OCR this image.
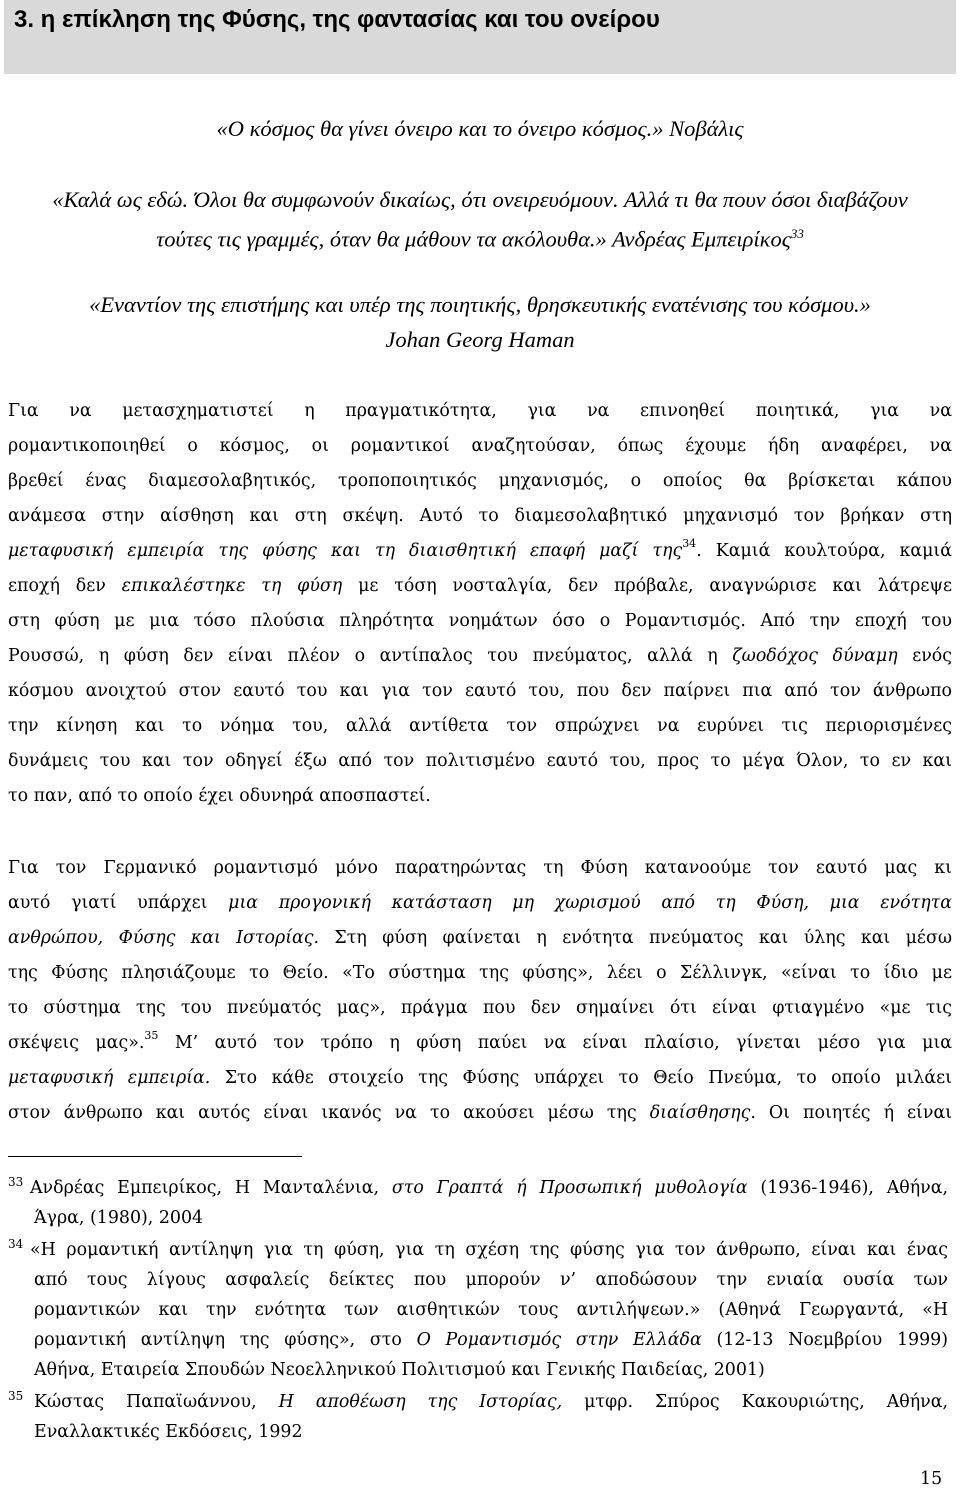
3. η επίκληση της Φύσης, της φαντασίας και του ονείρου

«Ο κόσμος θα γίνει όνειρο και το όνειρο κόσμος.» Νοβάλις

«Καλά ως εδώ. Όλοι θα συμφωνούν δικαίως, ότι ονειρευόμουν. Αλλά τι θα πουν όσοι διαβάζουν

τούτες τις γραμμές, όταν θα μάθουν τα ακόλουθα.» Ανδρέας Εμπειρίκος$^{33}$

«Εναντίον της επιστήμης και υπέρ της ποιητικής, θρησκευτικής ενατένισης του κόσμου.»

Johan Georg Haman

Για να μετασχηματιστεί η πραγματικότητα, για να επινοηθεί ποιητικά, για να

ρομαντικοποιηθεί ο κόσμος, οι ρομαντικοί αναζητούσαν, όπως έχουμε ήδη αναφέρει, να

βρεθεί ένας διαμεσολαβητικός, τροποποιητικός μηχανισμός, ο οποίος θα βρίσκεται κάπου

ανάμεσα στην αίσθηση και στη σκέψη. Αυτό το διαμεσολαβητικό μηχανισμό τον βρήκαν στη

μεταφυσική εμπειρία της φύσης και τη διαισθητική επαφή μαζί της$^{34}$. Καμιά κουλτούρα, καμιά

εποχή δεν επικαλέστηκε τη φύση με τόση νοσταλγία, δεν πρόβαλε, αναγνώρισε και λάτρεψε

στη φύση με μια τόσο πλούσια πληρότητα νοημάτων όσο ο Ρομαντισμός. Από την εποχή του

Ρουσσώ, η φύση δεν είναι πλέον ο αντίπαλος του πνεύματος, αλλά η ζωοδόχος δύναμη ενός

κόσμου ανοιχτού στον εαυτό του και για τον εαυτό του, που δεν παίρνει πια από τον άνθρωπο

την κίνηση και το νόημα του, αλλά αντίθετα τον σπρώχνει να ευρύνει τις περιορισμένες

δυνάμεις του και τον οδηγεί έξω από τον πολιτισμένο εαυτό του, προς το μέγα Όλον, το εν και

το παν, από το οποίο έχει οδυνηρά αποσπαστεί.

Για τον Γερμανικό ρομαντισμό μόνο παρατηρώντας τη Φύση κατανοούμε τον εαυτό μας κι

αυτό γιατί υπάρχει μια προγονική κατάσταση μη χωρισμού από τη Φύση, μια ενότητα

ανθρώπου, Φύσης και Ιστορίας. Στη φύση φαίνεται η ενότητα πνεύματος και ύλης και μέσω

της Φύσης πλησιάζουμε το Θείο. «Το σύστημα της φύσης», λέει ο Σέλλινγκ, «είναι το ίδιο με

το σύστημα της του πνεύματός μας», πράγμα που δεν σημαίνει ότι είναι φτιαγμένο «με τις

σκέψεις μας».$^{35}$ Μ’ αυτό τον τρόπο η φύση παύει να είναι πλαίσιο, γίνεται μέσο για μια

μεταφυσική εμπειρία. Στο κάθε στοιχείο της Φύσης υπάρχει το Θείο Πνεύμα, το οποίο μιλάει

στον άνθρωπο και αυτός είναι ικανός να το ακούσει μέσω της διαίσθησης. Οι ποιητές ή είναι

33 Ανδρέας Εμπειρίκος, Η Μανταλένια, στο Γραπτά ή Προσωπική μυθολογία (1936-1946), Αθήνα,

Άγρα, (1980), 2004

34 «Η ρομαντική αντίληψη για τη φύση, για τη σχέση της φύσης για τον άνθρωπο, είναι και ένας

από τους λίγους ασφαλείς δείκτες που μπορούν ν’ αποδώσουν την ενιαία ουσία των

ρομαντικών και την ενότητα των αισθητικών τους αντιλήψεων.» (Αθηνά Γεωργαντά, «Η

ρομαντική αντίληψη της φύσης», στο Ο Ρομαντισμός στην Ελλάδα (12-13 Νοεμβρίου 1999)

Αθήνα, Εταιρεία Σπουδών Νεοελληνικού Πολιτισμού και Γενικής Παιδείας, 2001)

35 Κώστας Παπαϊωάννου, Η αποθέωση της Ιστορίας, μτφρ. Σπύρος Κακουριώτης, Αθήνα,

Εναλλακτικές Εκδόσεις, 1992

15
